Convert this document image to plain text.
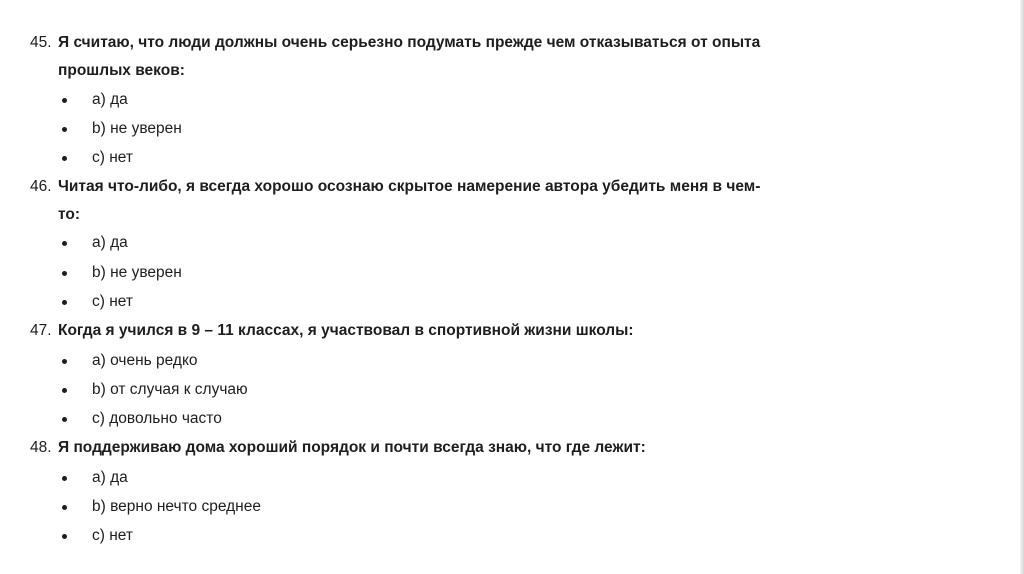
45. Я считаю, что люди должны очень серьезно подумать прежде чем отказываться от опыта
прошлых веков:
а) да
b) не уверен
c) нет
46. Читая что-либо, я всегда хорошо осознаю скрытое намерение автора убедить меня в чем-
то:
а) да
b) не уверен
c) нет
47. Когда я учился в 9 – 11 классах, я участвовал в спортивной жизни школы:
а) очень редко
b) от случая к случаю
c) довольно часто
48. Я поддерживаю дома хороший порядок и почти всегда знаю, что где лежит:
а) да
b) верно нечто среднее
c) нет
